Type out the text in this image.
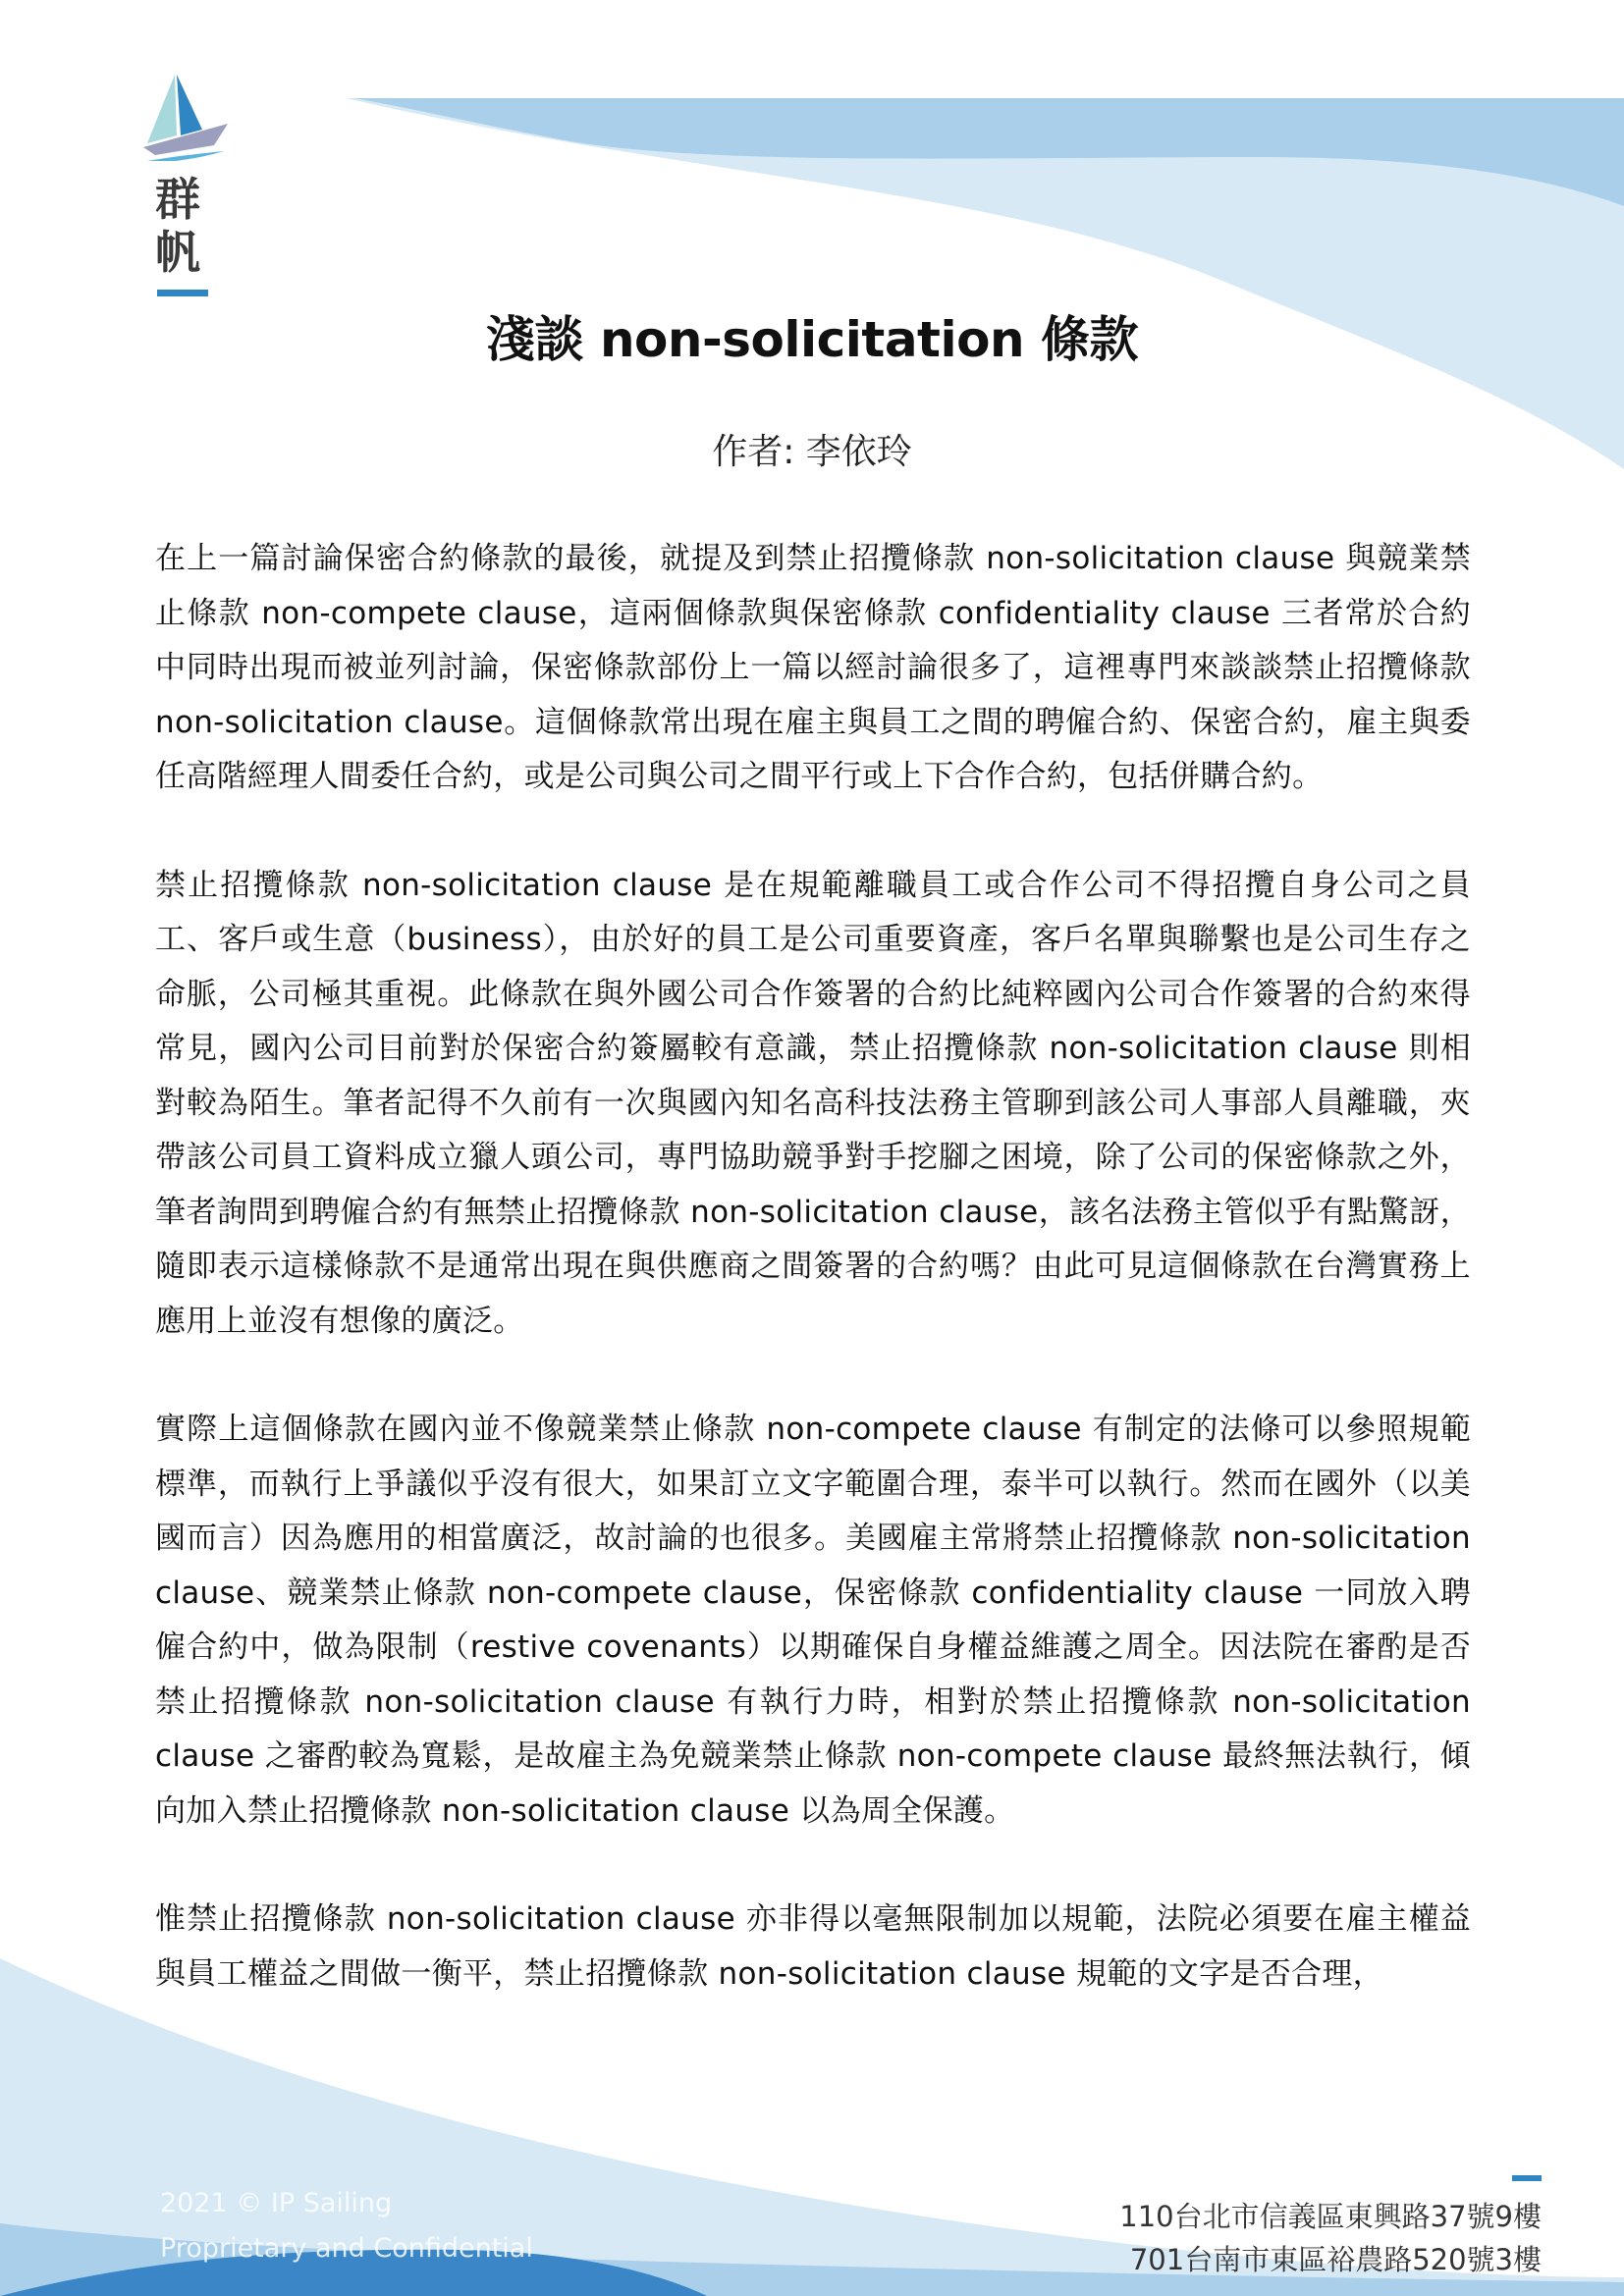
群
帆
淺談 non-solicitation 條款
作者: 李依玲

在上一篇討論保密合約條款的最後，就提及到禁止招攬條款 non-solicitation clause 與競業禁止條款 non-compete clause，這兩個條款與保密條款 confidentiality clause 三者常於合約中同時出現而被並列討論，保密條款部份上一篇以經討論很多了，這裡專門來談談禁止招攬條款 non-solicitation clause。這個條款常出現在雇主與員工之間的聘僱合約、保密合約，雇主與委任高階經理人間委任合約，或是公司與公司之間平行或上下合作合約，包括併購合約。

禁止招攬條款 non-solicitation clause 是在規範離職員工或合作公司不得招攬自身公司之員工、客戶或生意（business），由於好的員工是公司重要資產，客戶名單與聯繫也是公司生存之命脈，公司極其重視。此條款在與外國公司合作簽署的合約比純粹國內公司合作簽署的合約來得常見，國內公司目前對於保密合約簽屬較有意識，禁止招攬條款 non-solicitation clause 則相對較為陌生。筆者記得不久前有一次與國內知名高科技法務主管聊到該公司人事部人員離職，夾帶該公司員工資料成立獵人頭公司，專門協助競爭對手挖腳之困境，除了公司的保密條款之外，筆者詢問到聘僱合約有無禁止招攬條款 non-solicitation clause，該名法務主管似乎有點驚訝，隨即表示這樣條款不是通常出現在與供應商之間簽署的合約嗎？由此可見這個條款在台灣實務上應用上並沒有想像的廣泛。

實際上這個條款在國內並不像競業禁止條款 non-compete clause 有制定的法條可以參照規範標準，而執行上爭議似乎沒有很大，如果訂立文字範圍合理，泰半可以執行。然而在國外（以美國而言）因為應用的相當廣泛，故討論的也很多。美國雇主常將禁止招攬條款 non-solicitation clause、競業禁止條款 non-compete clause，保密條款 confidentiality clause 一同放入聘僱合約中，做為限制（restive covenants）以期確保自身權益維護之周全。因法院在審酌是否禁止招攬條款 non-solicitation clause 有執行力時，相對於禁止招攬條款 non-solicitation clause 之審酌較為寬鬆，是故雇主為免競業禁止條款 non-compete clause 最終無法執行，傾向加入禁止招攬條款 non-solicitation clause 以為周全保護。

惟禁止招攬條款 non-solicitation clause 亦非得以毫無限制加以規範，法院必須要在雇主權益與員工權益之間做一衡平，禁止招攬條款 non-solicitation clause 規範的文字是否合理，

2021 © IP Sailing
Proprietary and Confidential
110台北市信義區東興路37號9樓
701台南市東區裕農路520號3樓
